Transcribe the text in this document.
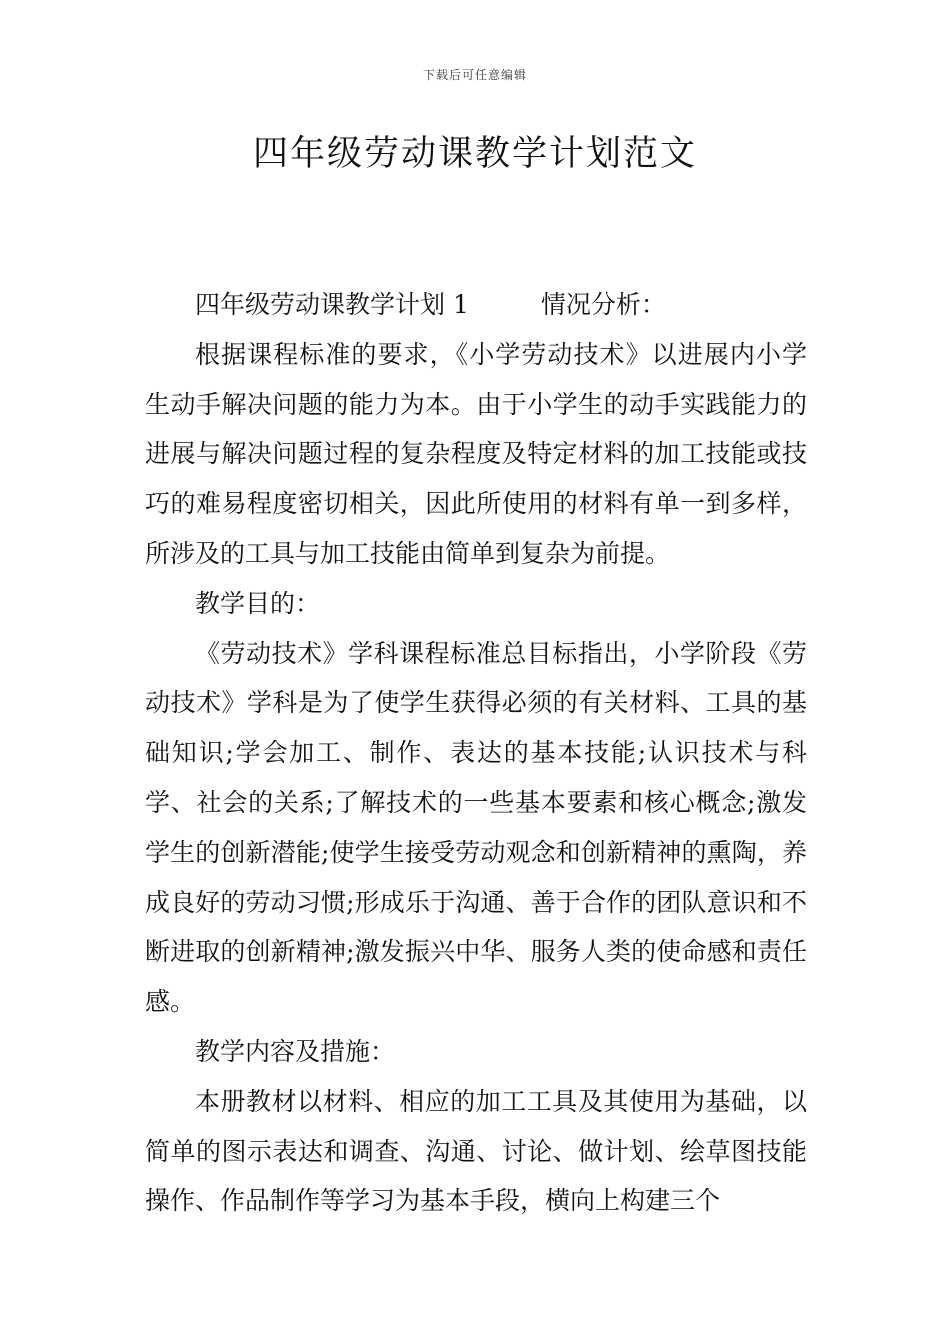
下载后可任意编辑
四年级劳动课教学计划范文

四年级劳动课教学计划 1	情况分析：

根据课程标准的要求，《小学劳动技术》以进展内小学生动手解决问题的能力为本。由于小学生的动手实践能力的进展与解决问题过程的复杂程度及特定材料的加工技能或技巧的难易程度密切相关，因此所使用的材料有单一到多样，所涉及的工具与加工技能由简单到复杂为前提。

教学目的：

《劳动技术》学科课程标准总目标指出，小学阶段《劳动技术》学科是为了使学生获得必须的有关材料、工具的基础知识;学会加工、制作、表达的基本技能;认识技术与科学、社会的关系;了解技术的一些基本要素和核心概念;激发学生的创新潜能;使学生接受劳动观念和创新精神的熏陶，养成良好的劳动习惯;形成乐于沟通、善于合作的团队意识和不断进取的创新精神;激发振兴中华、服务人类的使命感和责任感。

教学内容及措施：

本册教材以材料、相应的加工工具及其使用为基础，以简单的图示表达和调查、沟通、讨论、做计划、绘草图技能操作、作品制作等学习为基本手段，横向上构建三个
